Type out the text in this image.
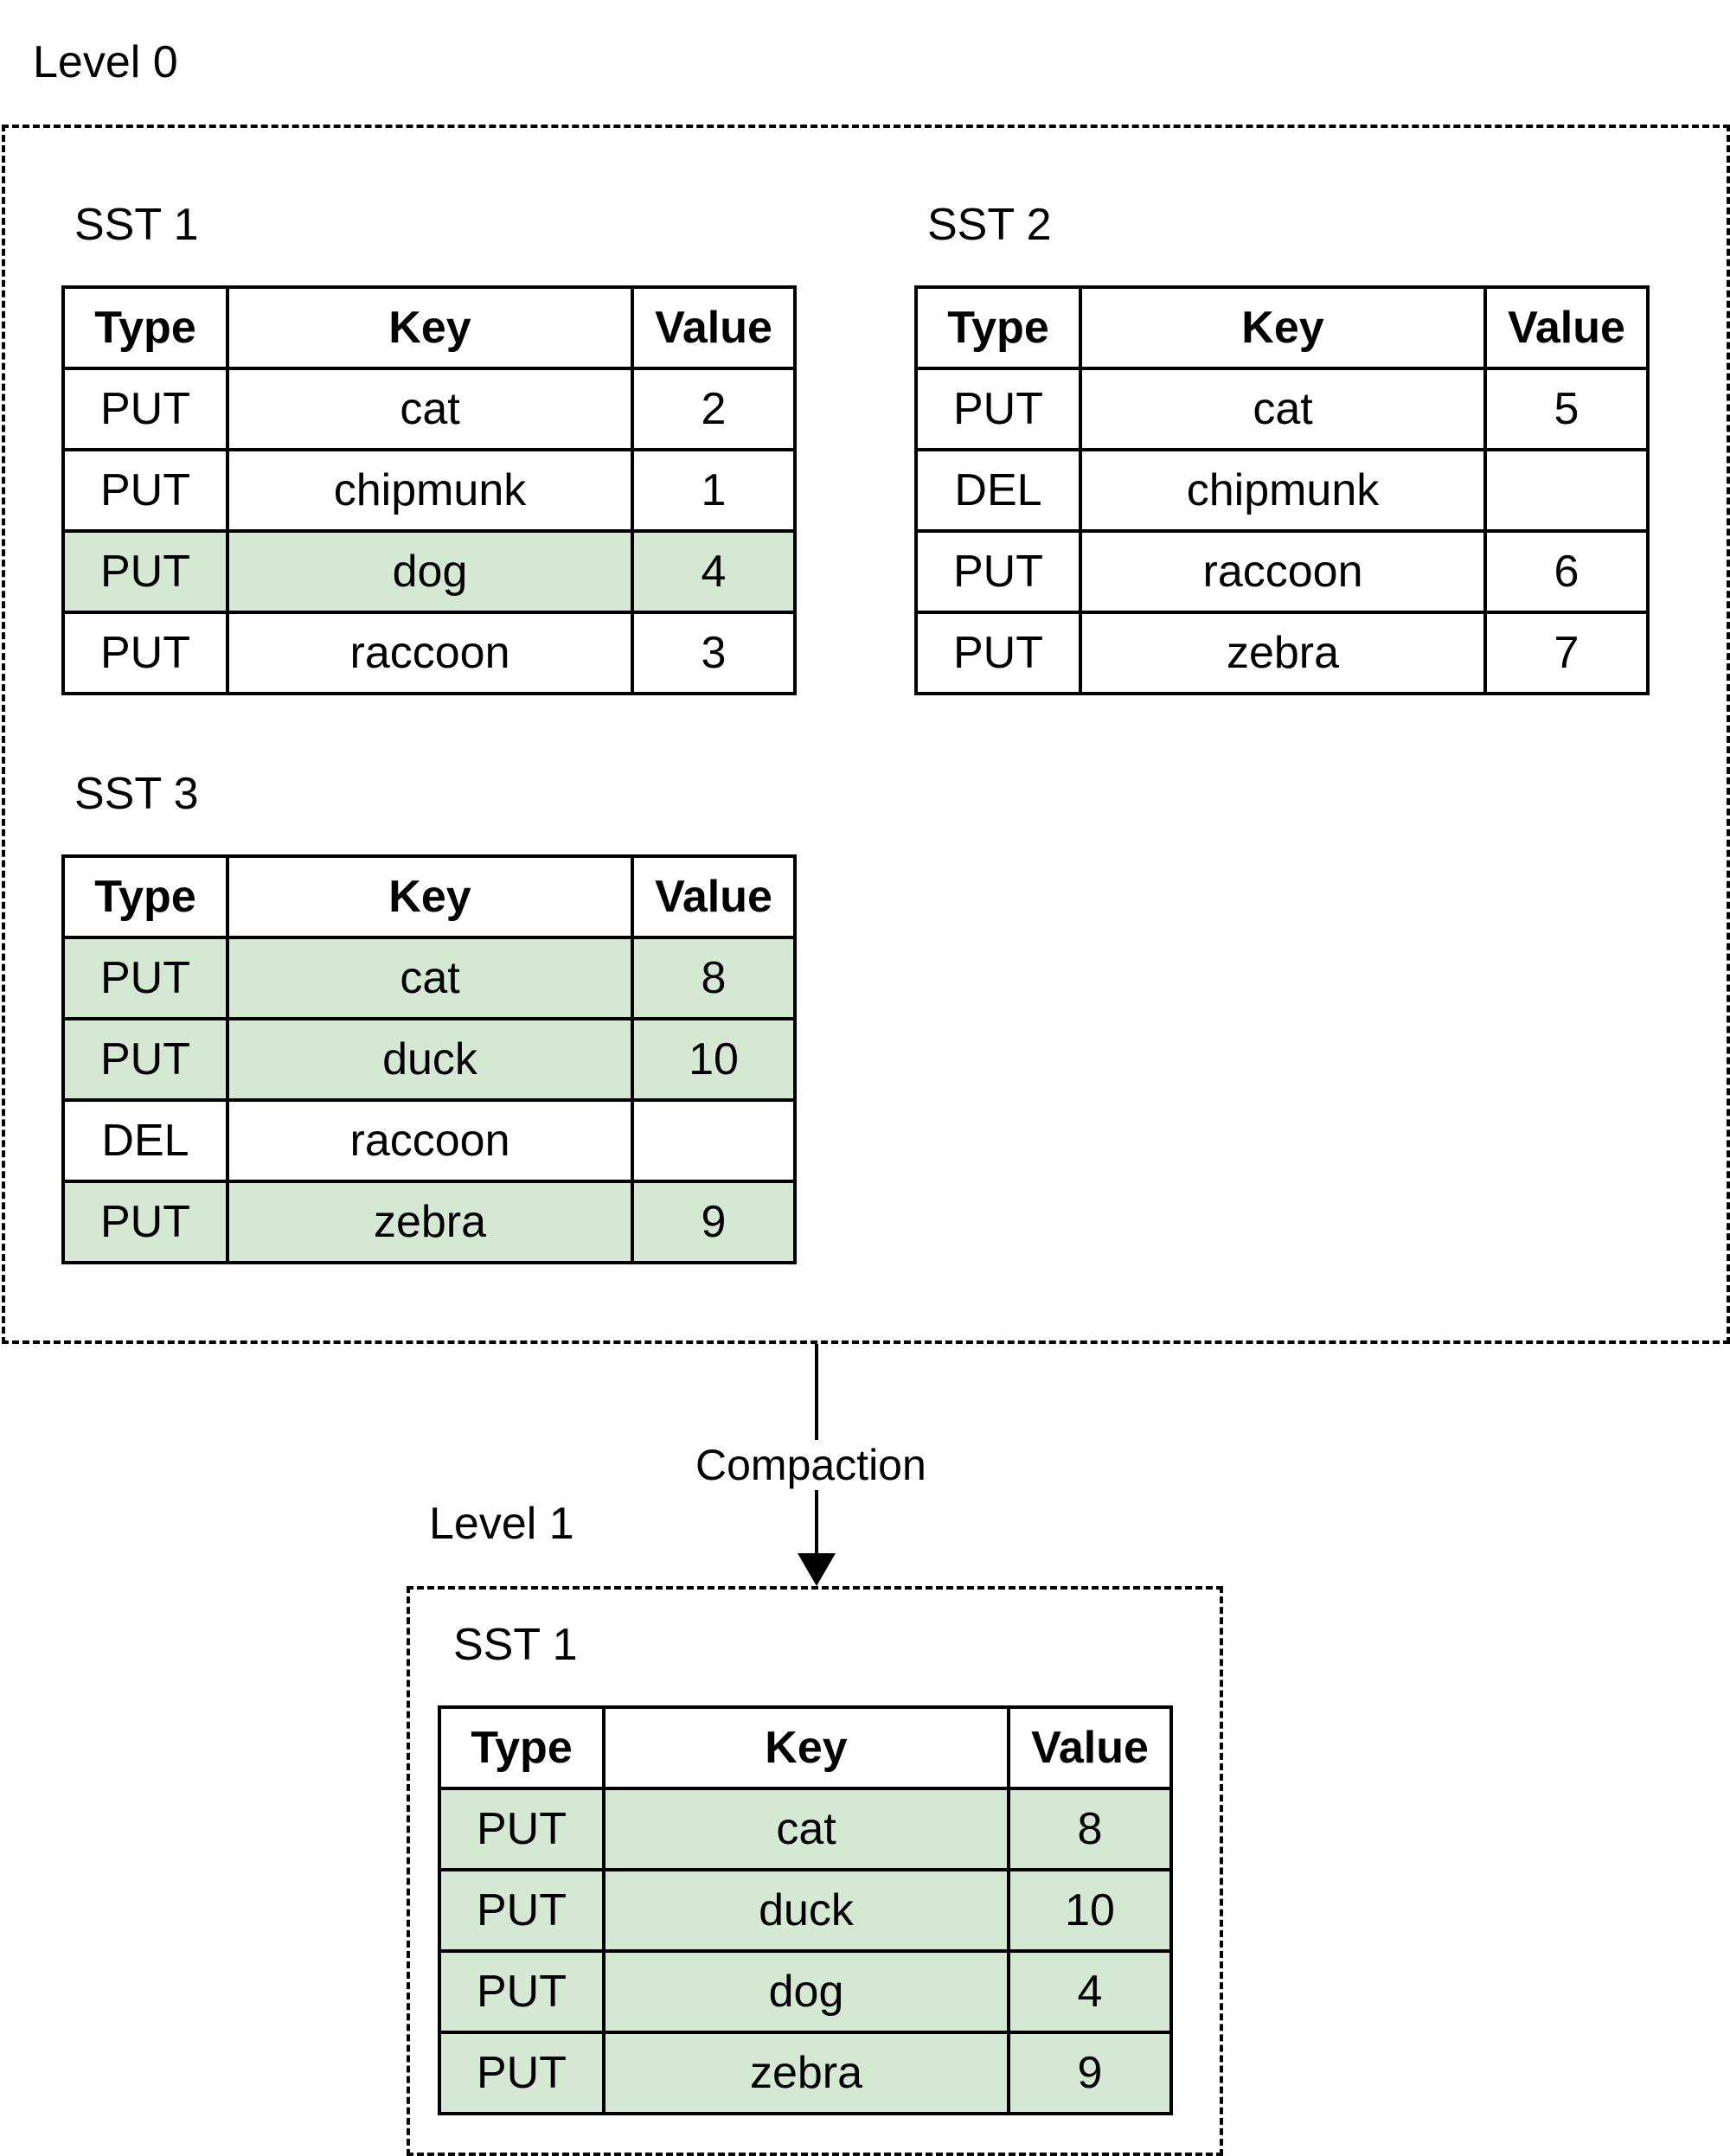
Level 0
SST 1
Type	Key	Value
PUT	cat	2
PUT	chipmunk	1
PUT	dog	4
PUT	raccoon	3
SST 2
Type	Key	Value
PUT	cat	5
DEL	chipmunk	
PUT	raccoon	6
PUT	zebra	7
SST 3
Type	Key	Value
PUT	cat	8
PUT	duck	10
DEL	raccoon	
PUT	zebra	9
Compaction
Level 1
SST 1
Type	Key	Value
PUT	cat	8
PUT	duck	10
PUT	dog	4
PUT	zebra	9
